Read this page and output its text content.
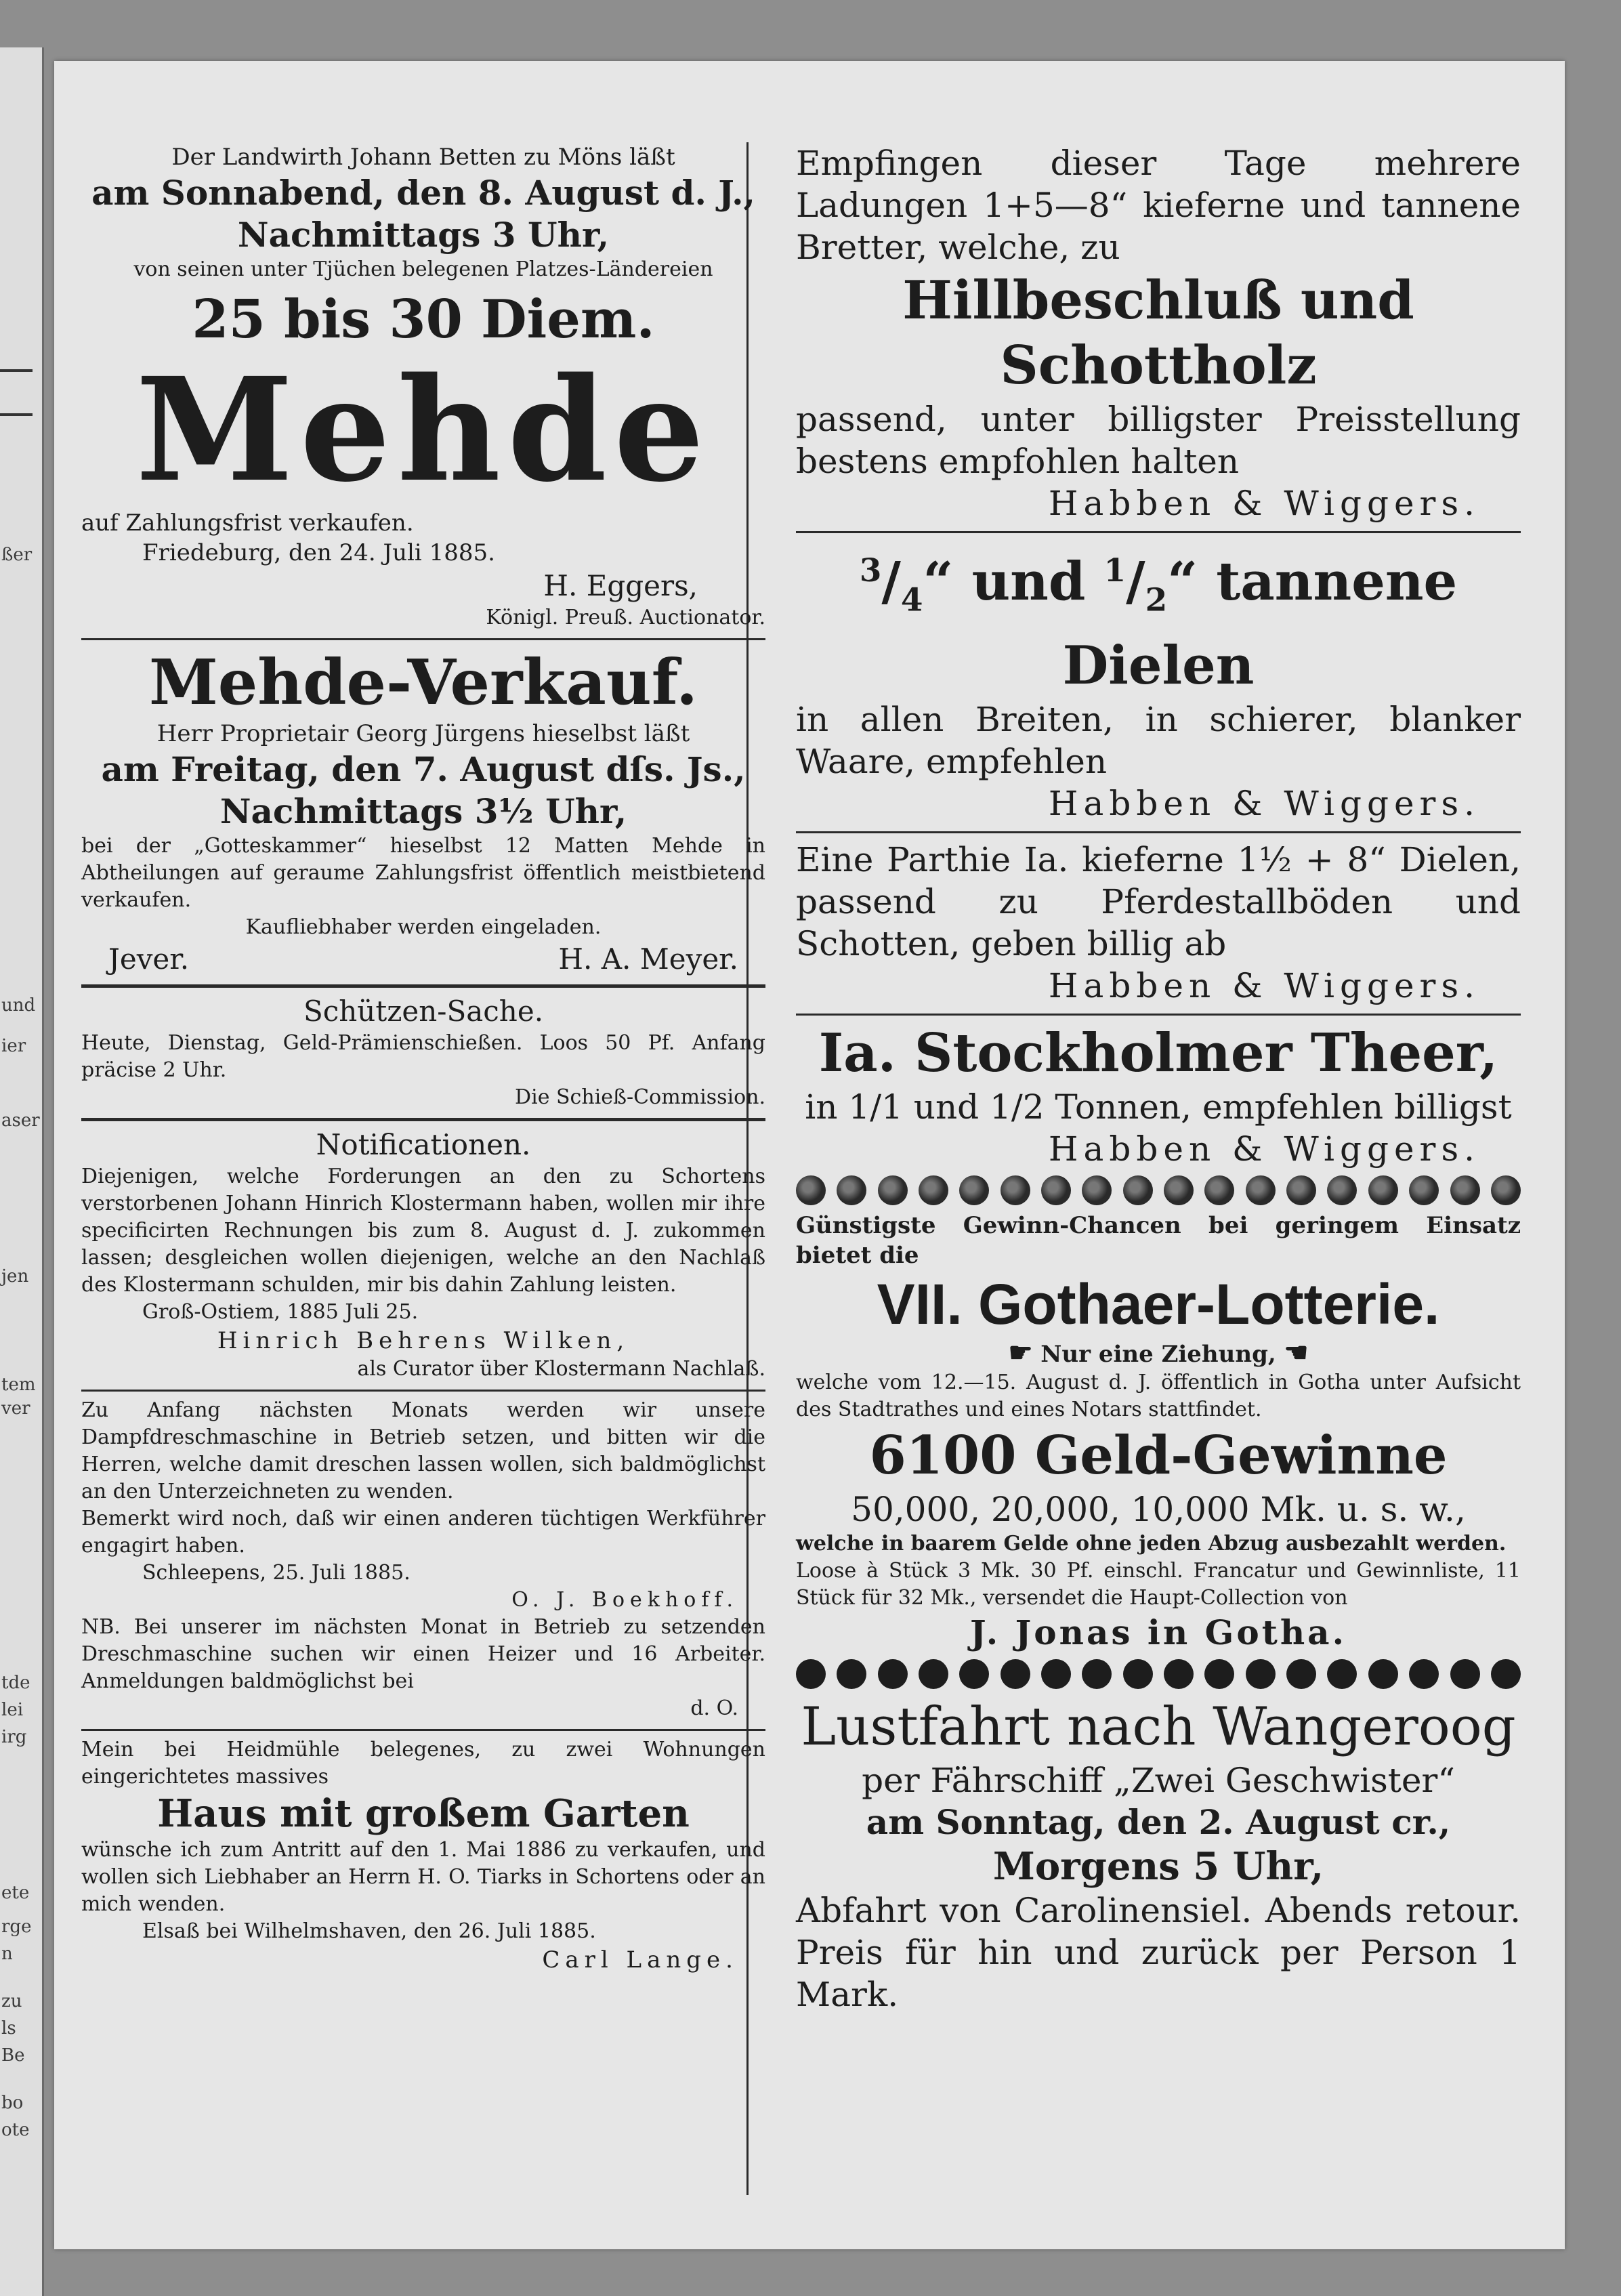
ßer
und
ier
aser
jen
tem
ver
tde
lei
irg
ete
rge
n
zu
ls
Be
bo
ote

Der Landwirth Johann Betten zu Möns läßt

am Sonnabend, den 8. August d. J.,

Nachmittags 3 Uhr,

von seinen unter Tjüchen belegenen Platzes-Ländereien

25 bis 30 Diem.

Mehde

auf Zahlungsfrist verkaufen.

Friedeburg, den 24. Juli 1885.

H. Eggers,

Königl. Preuß. Auctionator.

Mehde-Verkauf.

Herr Proprietair Georg Jürgens hieselbst läßt

am Freitag, den 7. August dſs. Js.,

Nachmittags 3½ Uhr,

bei der „Gotteskammer“ hieselbst 12 Matten Mehde in Abtheilungen auf geraume Zahlungsfrist öffentlich meistbietend verkaufen.

Kaufliebhaber werden eingeladen.

Jever.	H. A. Meyer.

Schützen-Sache.

Heute, Dienstag, Geld-Prämienschießen. Loos 50 Pf. Anfang präcise 2 Uhr.

Die Schieß-Commission.

Notificationen.

Diejenigen, welche Forderungen an den zu Schortens verstorbenen Johann Hinrich Klostermann haben, wollen mir ihre specificirten Rechnungen bis zum 8. August d. J. zukommen lassen; desgleichen wollen diejenigen, welche an den Nachlaß des Klostermann schulden, mir bis dahin Zahlung leisten.

Groß-Ostiem, 1885 Juli 25.

Hinrich Behrens Wilken,

als Curator über Klostermann Nachlaß.

Zu Anfang nächsten Monats werden wir unsere Dampfdreschmaschine in Betrieb setzen, und bitten wir die Herren, welche damit dreschen lassen wollen, sich baldmöglichst an den Unterzeichneten zu wenden.

Bemerkt wird noch, daß wir einen anderen tüchtigen Werkführer engagirt haben.

Schleepens, 25. Juli 1885.

O. J. Boekhoff.

NB. Bei unserer im nächsten Monat in Betrieb zu setzenden Dreschmaschine suchen wir einen Heizer und 16 Arbeiter. Anmeldungen baldmöglichst bei

d. O.

Mein bei Heidmühle belegenes, zu zwei Wohnungen eingerichtetes massives

Haus mit großem Garten

wünsche ich zum Antritt auf den 1. Mai 1886 zu verkaufen, und wollen sich Liebhaber an Herrn H. O. Tiarks in Schortens oder an mich wenden.

Elsaß bei Wilhelmshaven, den 26. Juli 1885.

Carl Lange.

Empfingen dieser Tage mehrere Ladungen 1+5—8“ kieferne und tannene Bretter, welche, zu

Hillbeschluß und

Schottholz

passend, unter billigster Preisstellung bestens empfohlen halten

Habben & Wiggers.

$^3/_4“$ und $^1/_2“$ tannene

Dielen

in allen Breiten, in schierer, blanker Waare, empfehlen

Habben & Wiggers.

Eine Parthie Ia. kieferne 1½ + 8“ Dielen, passend zu Pferdestallböden und Schotten, geben billig ab

Habben & Wiggers.

Ia. Stockholmer Theer,

in 1/1 und 1/2 Tonnen, empfehlen billigst

Habben & Wiggers.

Günstigste Gewinn-Chancen bei geringem Einsatz bietet die

VII. Gothaer-Lotterie.

☛ Nur eine Ziehung, ☚

welche vom 12.—15. August d. J. öffentlich in Gotha unter Aufsicht des Stadtrathes und eines Notars stattfindet.

6100 Geld-Gewinne

50,000, 20,000, 10,000 Mk. u. s. w.,

welche in baarem Gelde ohne jeden Abzug ausbezahlt werden.

Loose à Stück 3 Mk. 30 Pf. einschl. Francatur und Gewinnliste, 11 Stück für 32 Mk., versendet die Haupt-Collection von

J. Jonas in Gotha.

Lustfahrt nach Wangeroog

per Fährschiff „Zwei Geschwister“

am Sonntag, den 2. August cr.,

Morgens 5 Uhr,

Abfahrt von Carolinensiel. Abends retour. Preis für hin und zurück per Person 1 Mark.
